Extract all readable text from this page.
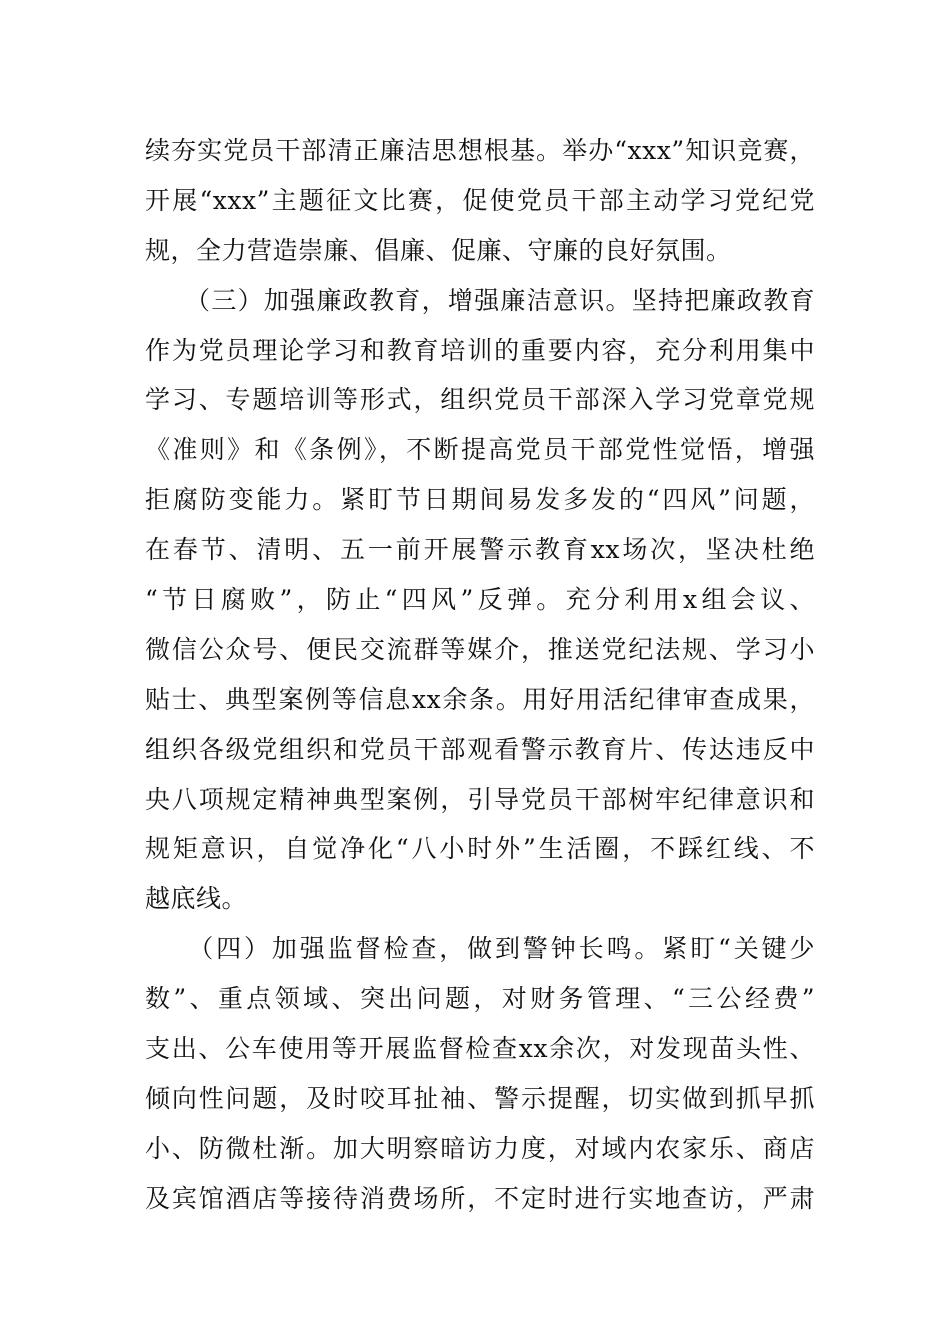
续夯实党员干部清正廉洁思想根基。举办“xxx”知识竞赛，
开展“xxx”主题征文比赛，促使党员干部主动学习党纪党
规，全力营造崇廉、倡廉、促廉、守廉的良好氛围。
　　（三）加强廉政教育，增强廉洁意识。坚持把廉政教育
作为党员理论学习和教育培训的重要内容，充分利用集中
学习、专题培训等形式，组织党员干部深入学习党章党规
《准则》和《条例》，不断提高党员干部党性觉悟，增强
拒腐防变能力。紧盯节日期间易发多发的“四风”问题，
在春节、清明、五一前开展警示教育xx场次，坚决杜绝
“节日腐败”，防止“四风”反弹。充分利用x组会议、
微信公众号、便民交流群等媒介，推送党纪法规、学习小
贴士、典型案例等信息xx余条。用好用活纪律审查成果，
组织各级党组织和党员干部观看警示教育片、传达违反中
央八项规定精神典型案例，引导党员干部树牢纪律意识和
规矩意识，自觉净化“八小时外”生活圈，不踩红线、不
越底线。
　　（四）加强监督检查，做到警钟长鸣。紧盯“关键少
数”、重点领域、突出问题，对财务管理、“三公经费”
支出、公车使用等开展监督检查xx余次，对发现苗头性、
倾向性问题，及时咬耳扯袖、警示提醒，切实做到抓早抓
小、防微杜渐。加大明察暗访力度，对域内农家乐、商店
及宾馆酒店等接待消费场所，不定时进行实地查访，严肃
